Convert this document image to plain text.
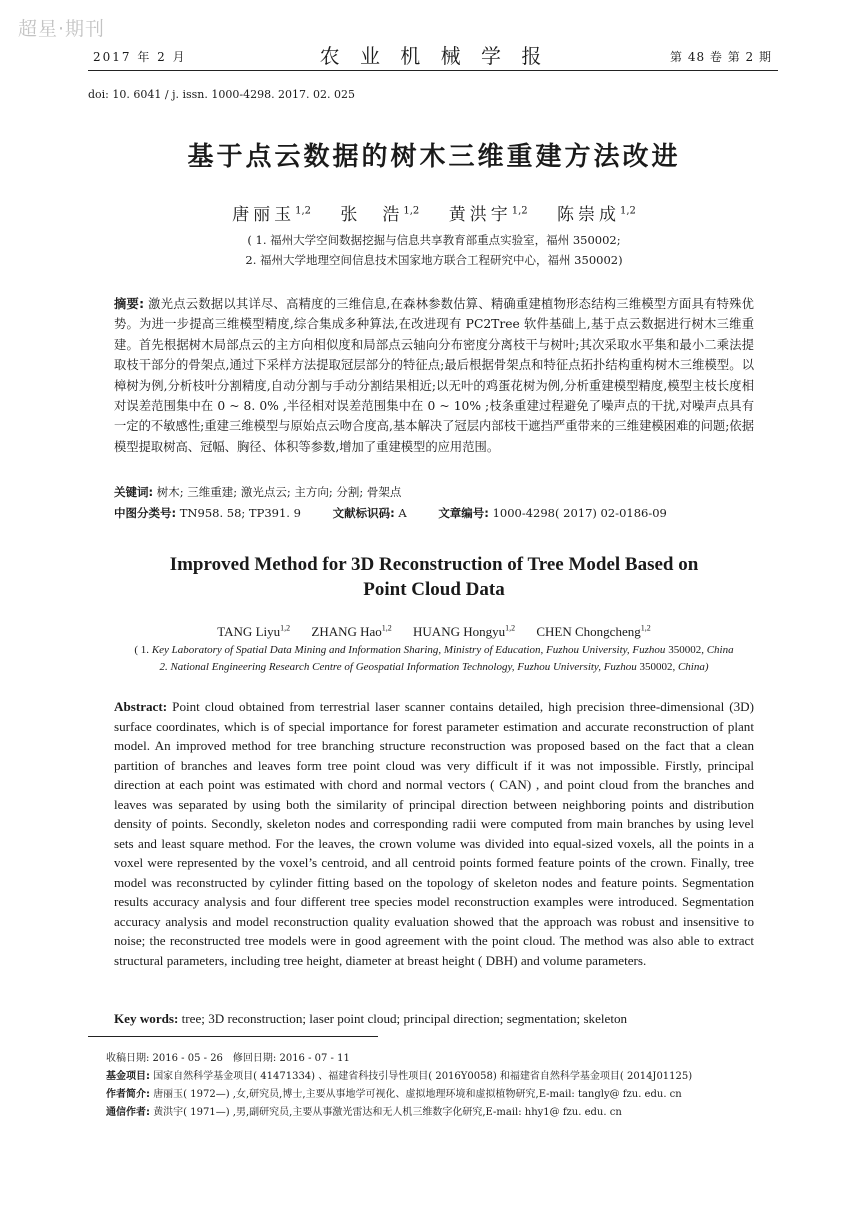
超星·期刊
2017 年 2 月	农 业 机 械 学 报	第 48 卷 第 2 期
doi: 10. 6041 / j. issn. 1000-4298. 2017. 02. 025
基于点云数据的树木三维重建方法改进
唐丽玉$^{1,2}$ 张　浩$^{1,2}$ 黄洪宇$^{1,2}$ 陈崇成$^{1,2}$
( 1. 福州大学空间数据挖掘与信息共享教育部重点实验室，福州 350002;
2. 福州大学地理空间信息技术国家地方联合工程研究中心，福州 350002)
摘要: 激光点云数据以其详尽、高精度的三维信息,在森林参数估算、精确重建植物形态结构三维模型方面具有特殊优势。为进一步提高三维模型精度,综合集成多种算法,在改进现有 PC2Tree 软件基础上,基于点云数据进行树木三维重建。首先根据树木局部点云的主方向相似度和局部点云轴向分布密度分离枝干与树叶;其次采取水平集和最小二乘法提取枝干部分的骨架点,通过下采样方法提取冠层部分的特征点;最后根据骨架点和特征点拓扑结构重构树木三维模型。以樟树为例,分析枝叶分割精度,自动分割与手动分割结果相近;以无叶的鸡蛋花树为例,分析重建模型精度,模型主枝长度相对误差范围集中在 0 ~ 8. 0% ,半径相对误差范围集中在 0 ~ 10% ;枝条重建过程避免了噪声点的干扰,对噪声点具有一定的不敏感性;重建三维模型与原始点云吻合度高,基本解决了冠层内部枝干遮挡严重带来的三维建模困难的问题;依据模型提取树高、冠幅、胸径、体积等参数,增加了重建模型的应用范围。
关键词: 树木; 三维重建; 激光点云; 主方向; 分割; 骨架点
中图分类号: TN958. 58; TP391. 9	文献标识码: A	文章编号: 1000-4298( 2017) 02-0186-09
Improved Method for 3D Reconstruction of Tree Model Based on
Point Cloud Data
TANG Liyu$^{1,2}$ ZHANG Hao$^{1,2}$ HUANG Hongyu$^{1,2}$ CHEN Chongcheng$^{1,2}$
( 1. Key Laboratory of Spatial Data Mining and Information Sharing, Ministry of Education, Fuzhou University, Fuzhou 350002, China
2. National Engineering Research Centre of Geospatial Information Technology, Fuzhou University, Fuzhou 350002, China)
Abstract: Point cloud obtained from terrestrial laser scanner contains detailed, high precision three-dimensional (3D) surface coordinates, which is of special importance for forest parameter estimation and accurate reconstruction of plant model. An improved method for tree branching structure reconstruction was proposed based on the fact that a clean partition of branches and leaves form tree point cloud was very difficult if it was not impossible. Firstly, principal direction at each point was estimated with chord and normal vectors ( CAN) , and point cloud from the branches and leaves was separated by using both the similarity of principal direction between neighboring points and distribution density of points. Secondly, skeleton nodes and corresponding radii were computed from main branches by using level sets and least square method. For the leaves, the crown volume was divided into equal-sized voxels, all the points in a voxel were represented by the voxel’s centroid, and all centroid points formed feature points of the crown. Finally, tree model was reconstructed by cylinder fitting based on the topology of skeleton nodes and feature points. Segmentation results accuracy analysis and four different tree species model reconstruction examples were introduced. Segmentation accuracy analysis and model reconstruction quality evaluation showed that the approach was robust and insensitive to noise; the reconstructed tree models were in good agreement with the point cloud. The method was also able to extract structural parameters, including tree height, diameter at breast height ( DBH) and volume parameters.
Key words: tree; 3D reconstruction; laser point cloud; principal direction; segmentation; skeleton
收稿日期: 2016 - 05 - 26　修回日期: 2016 - 07 - 11
基金项目: 国家自然科学基金项目( 41471334) 、福建省科技引导性项目( 2016Y0058) 和福建省自然科学基金项目( 2014J01125)
作者简介: 唐丽玉( 1972—) ,女,研究员,博士,主要从事地学可视化、虚拟地理环境和虚拟植物研究,E-mail: tangly@ fzu. edu. cn
通信作者: 黄洪宇( 1971—) ,男,副研究员,主要从事激光雷达和无人机三维数字化研究,E-mail: hhy1@ fzu. edu. cn
